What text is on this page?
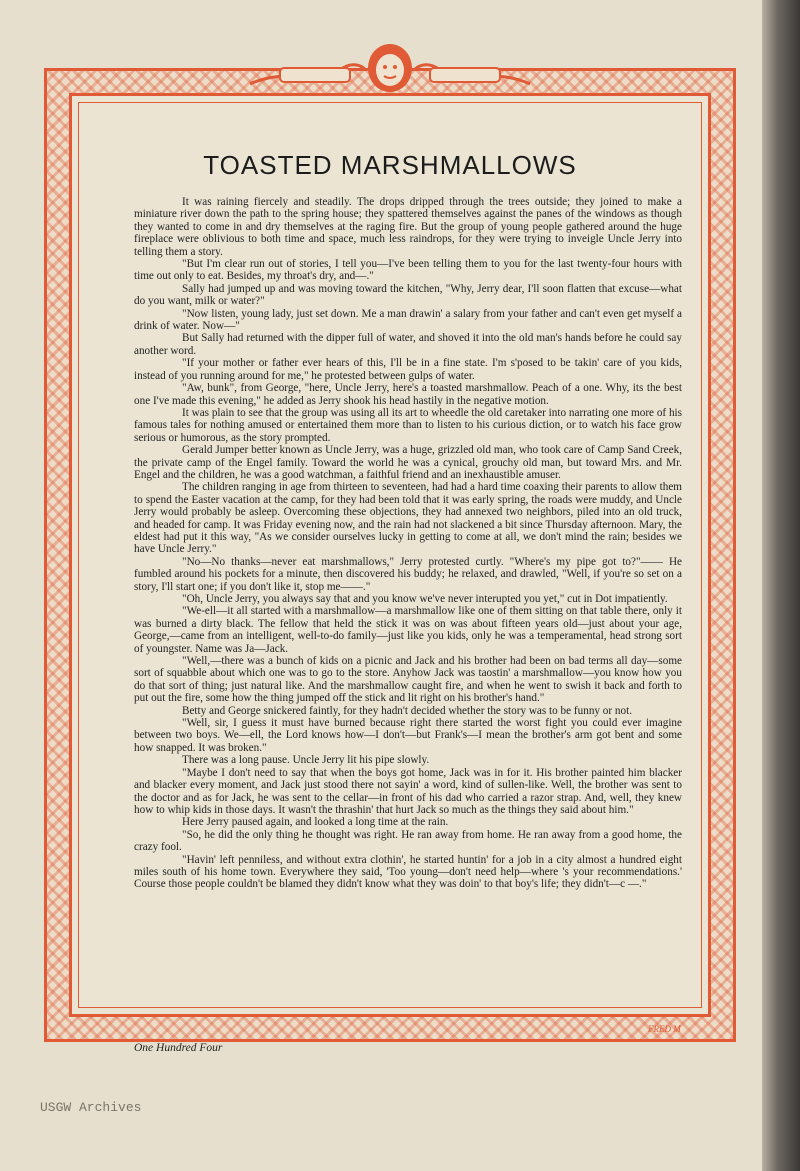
TOASTED MARSHMALLOWS

It was raining fiercely and steadily. The drops dripped through the trees outside; they joined to make a miniature river down the path to the spring house; they spattered themselves against the panes of the windows as though they wanted to come in and dry themselves at the raging fire. But the group of young people gathered around the huge fireplace were oblivious to both time and space, much less raindrops, for they were trying to inveigle Uncle Jerry into telling them a story.

"But I'm clear run out of stories, I tell you—I've been telling them to you for the last twenty-four hours with time out only to eat. Besides, my throat's dry, and—."

Sally had jumped up and was moving toward the kitchen, "Why, Jerry dear, I'll soon flatten that excuse—what do you want, milk or water?"

"Now listen, young lady, just set down. Me a man drawin' a salary from your father and can't even get myself a drink of water. Now—"

But Sally had returned with the dipper full of water, and shoved it into the old man's hands before he could say another word.

"If your mother or father ever hears of this, I'll be in a fine state. I'm s'posed to be takin' care of you kids, instead of you running around for me," he protested between gulps of water.

"Aw, bunk", from George, "here, Uncle Jerry, here's a toasted marshmallow. Peach of a one. Why, its the best one I've made this evening," he added as Jerry shook his head hastily in the negative motion.

It was plain to see that the group was using all its art to wheedle the old caretaker into narrating one more of his famous tales for nothing amused or entertained them more than to listen to his curious diction, or to watch his face grow serious or humorous, as the story prompted.

Gerald Jumper better known as Uncle Jerry, was a huge, grizzled old man, who took care of Camp Sand Creek, the private camp of the Engel family. Toward the world he was a cynical, grouchy old man, but toward Mrs. and Mr. Engel and the children, he was a good watchman, a faithful friend and an inexhaustible amuser.

The children ranging in age from thirteen to seventeen, had had a hard time coaxing their parents to allow them to spend the Easter vacation at the camp, for they had been told that it was early spring, the roads were muddy, and Uncle Jerry would probably be asleep. Overcoming these objections, they had annexed two neighbors, piled into an old truck, and headed for camp. It was Friday evening now, and the rain had not slackened a bit since Thursday afternoon. Mary, the eldest had put it this way, "As we consider ourselves lucky in getting to come at all, we don't mind the rain; besides we have Uncle Jerry."

"No—No thanks—never eat marshmallows," Jerry protested curtly. "Where's my pipe got to?"—— He fumbled around his pockets for a minute, then discovered his buddy; he relaxed, and drawled, "Well, if you're so set on a story, I'll start one; if you don't like it, stop me——."

"Oh, Uncle Jerry, you always say that and you know we've never interupted you yet," cut in Dot impatiently.

"We-ell—it all started with a marshmallow—a marshmallow like one of them sitting on that table there, only it was burned a dirty black. The fellow that held the stick it was on was about fifteen years old—just about your age, George,—came from an intelligent, well-to-do family—just like you kids, only he was a temperamental, head strong sort of youngster. Name was Ja—Jack.

"Well,—there was a bunch of kids on a picnic and Jack and his brother had been on bad terms all day—some sort of squabble about which one was to go to the store. Anyhow Jack was taostin' a marshmallow—you know how you do that sort of thing; just natural like. And the marshmallow caught fire, and when he went to swish it back and forth to put out the fire, some how the thing jumped off the stick and lit right on his brother's hand."

Betty and George snickered faintly, for they hadn't decided whether the story was to be funny or not.

"Well, sir, I guess it must have burned because right there started the worst fight you could ever imagine between two boys. We—ell, the Lord knows how—I don't—but Frank's—I mean the brother's arm got bent and some how snapped. It was broken."

There was a long pause. Uncle Jerry lit his pipe slowly.

"Maybe I don't need to say that when the boys got home, Jack was in for it. His brother painted him blacker and blacker every moment, and Jack just stood there not sayin' a word, kind of sullen-like. Well, the brother was sent to the doctor and as for Jack, he was sent to the cellar—in front of his dad who carried a razor strap. And, well, they knew how to whip kids in those days. It wasn't the thrashin' that hurt Jack so much as the things they said about him."

Here Jerry paused again, and looked a long time at the rain.

"So, he did the only thing he thought was right. He ran away from home. He ran away from a good home, the crazy fool.

"Havin' left penniless, and without extra clothin', he started huntin' for a job in a city almost a hundred eight miles south of his home town. Everywhere they said, 'Too young—don't need help—where 's your recommendations.' Course those people couldn't be blamed they didn't know what they was doin' to that boy's life; they didn't—c —."

One Hundred Four
FRED M
USGW Archives
